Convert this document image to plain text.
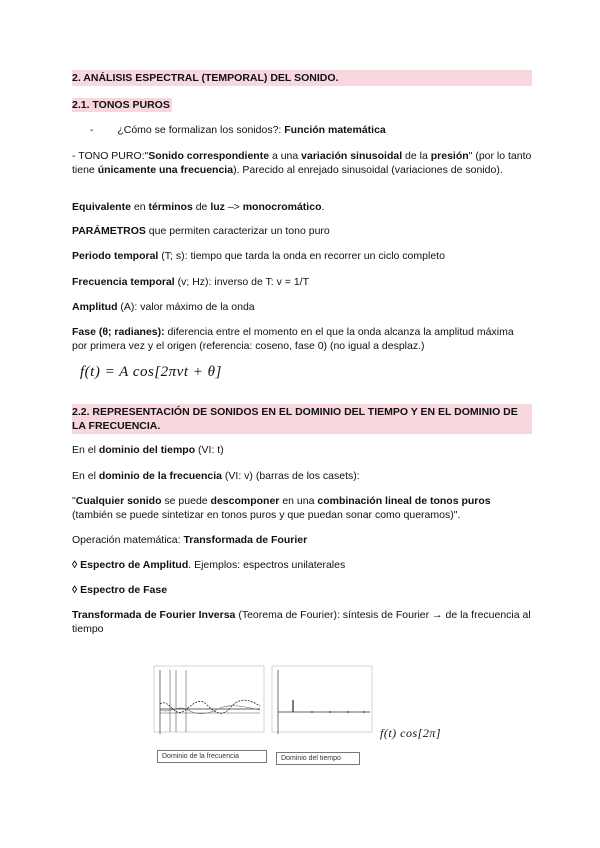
2. ANÁLISIS ESPECTRAL (TEMPORAL) DEL SONIDO.
2.1. TONOS PUROS
- ¿Cómo se formalizan los sonidos?: Función matemática

- TONO PURO:"Sonido correspondiente a una variación sinusoidal de la presión" (por lo tanto tiene únicamente una frecuencia). Parecido al enrejado sinusoidal (variaciones de sonido).

Equivalente en términos de luz –> monocromático.

PARÁMETROS que permiten caracterizar un tono puro

Periodo temporal (T; s): tiempo que tarda la onda en recorrer un ciclo completo

Frecuencia temporal (v; Hz): inverso de T: v = 1/T

Amplitud (A): valor máximo de la onda

Fase (θ; radianes): diferencia entre el momento en el que la onda alcanza la amplitud máxima por primera vez y el origen (referencia: coseno, fase 0) (no igual a desplaz.)

f(t) = A cos[2πvt + θ]
2.2. REPRESENTACIÓN DE SONIDOS EN EL DOMINIO DEL TIEMPO Y EN EL DOMINIO DE LA FRECUENCIA.

En el dominio del tiempo (VI: t)

En el dominio de la frecuencia (VI: v) (barras de los casets):

"Cualquier sonido se puede descomponer en una combinación lineal de tonos puros (también se puede sintetizar en tonos puros y que puedan sonar como queramos)".

Operación matemática: Transformada de Fourier

◊ Espectro de Amplitud. Ejemplos: espectros unilaterales

◊ Espectro de Fase

Transformada de Fourier Inversa (Teorema de Fourier): síntesis de Fourier → de la frecuencia al tiempo

f(t) cos[2π]
Dominio de la frecuencia	Dominio del tiempo
